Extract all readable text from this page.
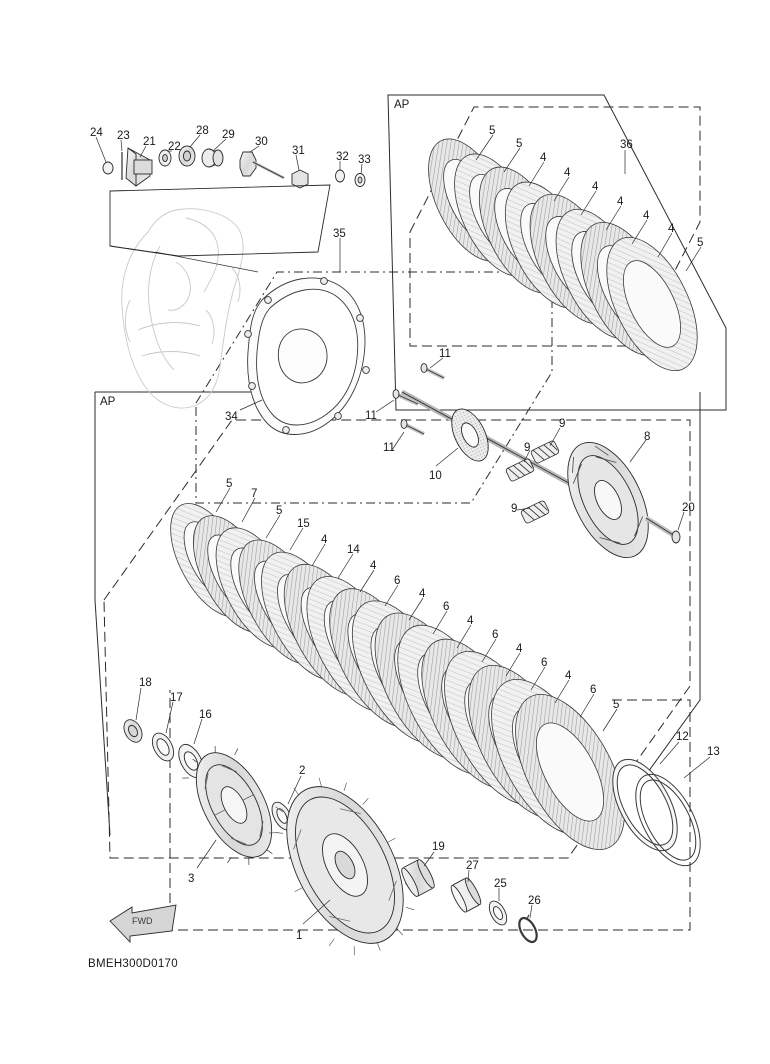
AP
AP
BMEH300D0170
FWD
24 23 21 22
28 29
30
31	32 33
35
34
36
5
5
4
4
4
4
4
4
5
11
11
11
10
9
9
9
8
20
5
7
5
15
4
14
4
6
4
6
4
6
4
6
4
6
5
18
17
16
3
2
1
19
27
25
26
12
13
